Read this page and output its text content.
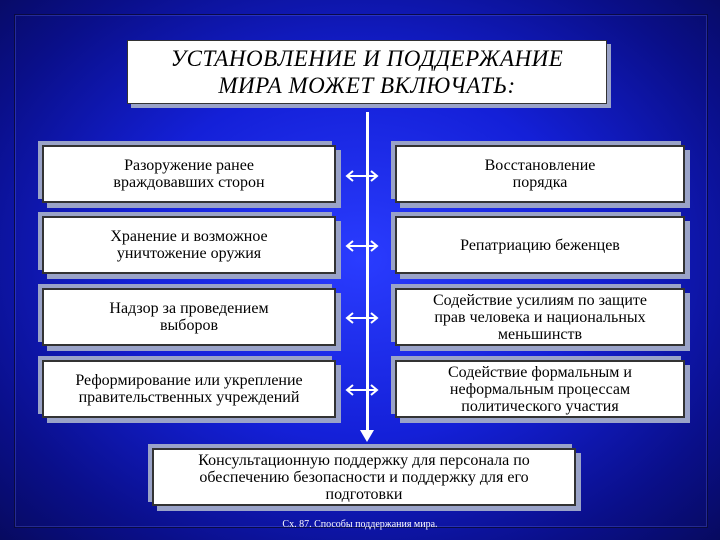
УСТАНОВЛЕНИЕ И ПОДДЕРЖАНИЕ
МИРА МОЖЕТ ВКЛЮЧАТЬ:
Разоружение ранее
враждовавших сторон
Хранение и возможное
уничтожение оружия
Надзор за проведением
выборов
Реформирование или укрепление
правительственных учреждений
Восстановление
порядка
Репатриацию беженцев
Содействие усилиям по защите
прав человека и национальных
меньшинств
Содействие формальным и
неформальным процессам
политического участия
Консультационную поддержку для персонала по
обеспечению безопасности и поддержку для его
подготовки
Сх. 87. Способы поддержания мира.
